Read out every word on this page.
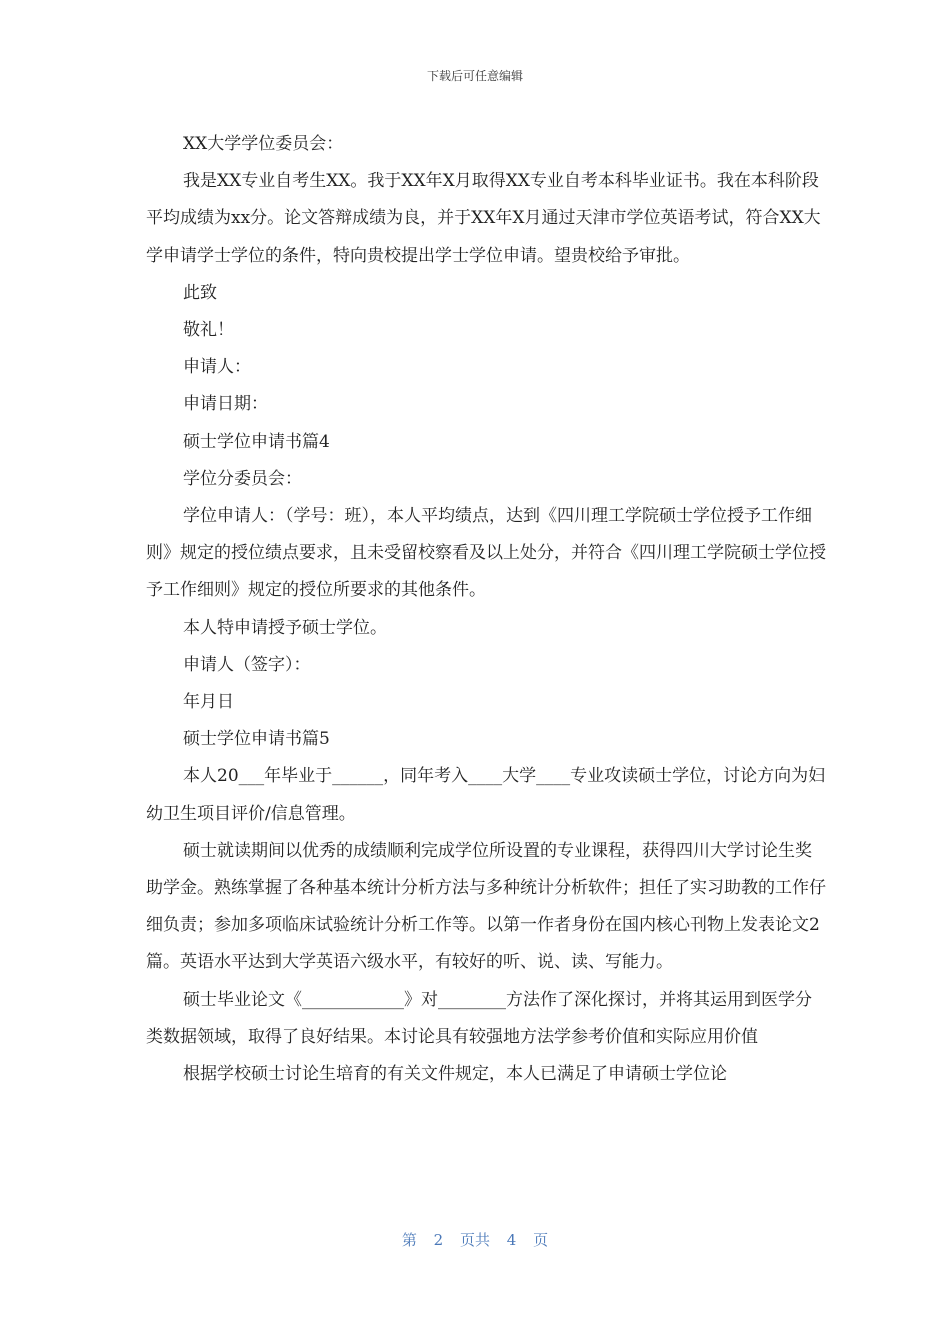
下载后可任意编辑

XX大学学位委员会：

我是XX专业自考生XX。我于XX年X月取得XX专业自考本科毕业证书。我在本科阶段平均成绩为xx分。论文答辩成绩为良，并于XX年X月通过天津市学位英语考试，符合XX大学申请学士学位的条件，特向贵校提出学士学位申请。望贵校给予审批。

此致

敬礼！

申请人：

申请日期：

硕士学位申请书篇4

学位分委员会：

学位申请人：（学号：班），本人平均绩点，达到《四川理工学院硕士学位授予工作细则》规定的授位绩点要求，且未受留校察看及以上处分，并符合《四川理工学院硕士学位授予工作细则》规定的授位所要求的其他条件。

本人特申请授予硕士学位。

申请人（签字）：

年月日

硕士学位申请书篇5

本人20___年毕业于______，同年考入____大学____专业攻读硕士学位，讨论方向为妇幼卫生项目评价/信息管理。

硕士就读期间以优秀的成绩顺利完成学位所设置的专业课程，获得四川大学讨论生奖助学金。熟练掌握了各种基本统计分析方法与多种统计分析软件；担任了实习助教的工作仔细负责；参加多项临床试验统计分析工作等。以第一作者身份在国内核心刊物上发表论文2篇。英语水平达到大学英语六级水平，有较好的听、说、读、写能力。

硕士毕业论文《____________》对________方法作了深化探讨，并将其运用到医学分类数据领域，取得了良好结果。本讨论具有较强地方法学参考价值和实际应用价值

根据学校硕士讨论生培育的有关文件规定，本人已满足了申请硕士学位论

第 2 页共 4 页
